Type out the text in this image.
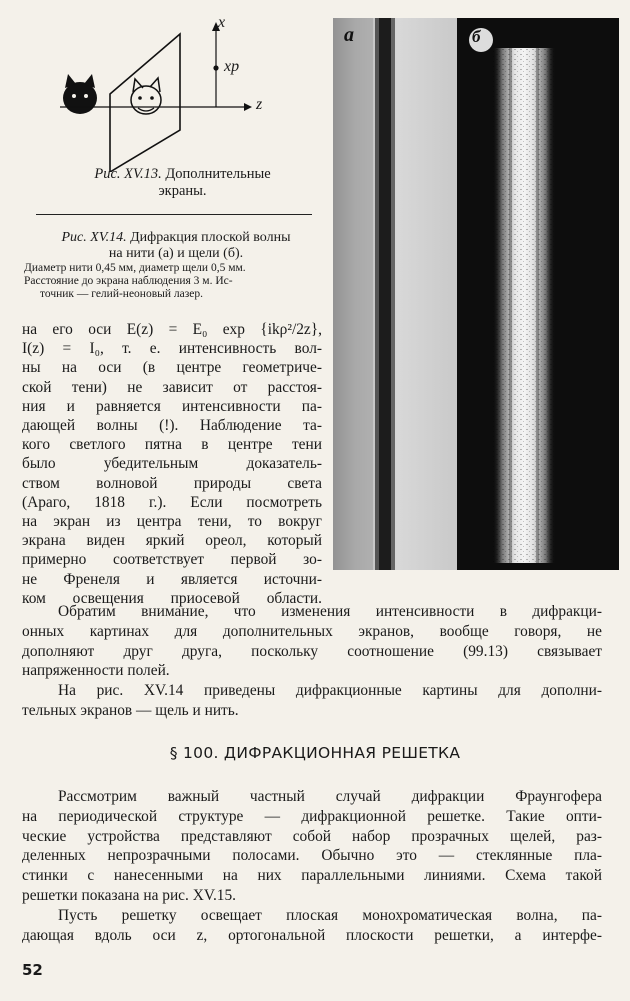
x
xp
z
Рис. XV.13. Дополнительные
экраны.
Рис. XV.14. Дифракция плоской волны
на нити (а) и щели (б).
Диаметр нити 0,45 мм, диаметр щели 0,5 мм.
Расстояние до экрана наблюдения 3 м. Ис-
точник — гелий-неоновый лазер.
а	б
на его оси E(z) = E₀ exp {ikρ²/2z},
I(z) = I₀, т. е. интенсивность вол-
ны на оси (в центре геометриче-
ской тени) не зависит от расстоя-
ния и равняется интенсивности па-
дающей волны (!). Наблюдение та-
кого светлого пятна в центре тени
было убедительным доказатель-
ством волновой природы света
(Араго, 1818 г.). Если посмотреть
на экран из центра тени, то вокруг
экрана виден яркий ореол, который
примерно соответствует первой зо-
не Френеля и является источни-
ком освещения приосевой области.
Обратим внимание, что изменения интенсивности в дифракци-
онных картинах для дополнительных экранов, вообще говоря, не
дополняют друг друга, поскольку соотношение (99.13) связывает
напряженности полей.
На рис. XV.14 приведены дифракционные картины для дополни-
тельных экранов — щель и нить.
§ 100. ДИФРАКЦИОННАЯ РЕШЕТКА
Рассмотрим важный частный случай дифракции Фраунгофера
на периодической структуре — дифракционной решетке. Такие опти-
ческие устройства представляют собой набор прозрачных щелей, раз-
деленных непрозрачными полосами. Обычно это — стеклянные пла-
стинки с нанесенными на них параллельными линиями. Схема такой
решетки показана на рис. XV.15.
Пусть решетку освещает плоская монохроматическая волна, па-
дающая вдоль оси z, ортогональной плоскости решетки, а интерфе-
52
